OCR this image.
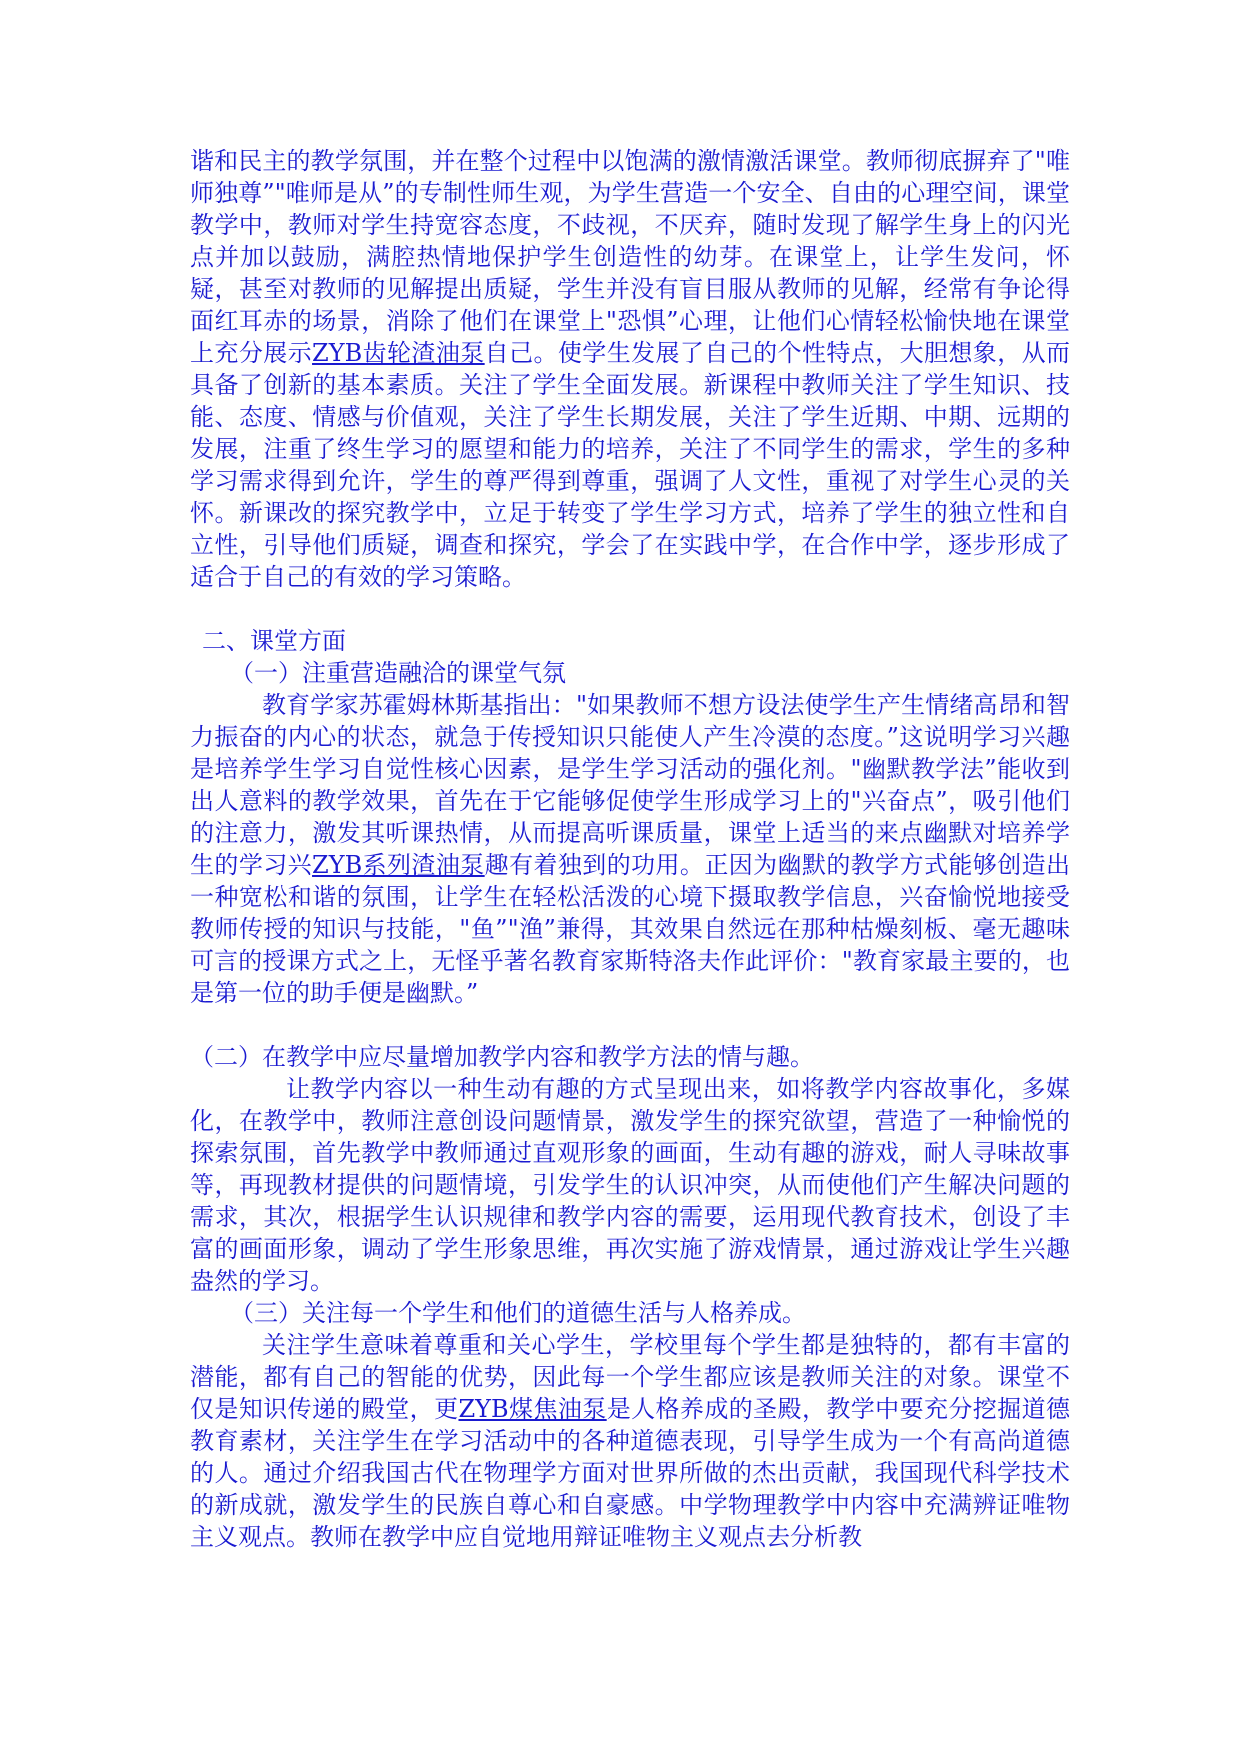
谐和民主的教学氛围，并在整个过程中以饱满的激情激活课堂。教师彻底摒弃了"唯师独尊”"唯师是从”的专制性师生观，为学生营造一个安全、自由的心理空间，课堂教学中，教师对学生持宽容态度，不歧视，不厌弃，随时发现了解学生身上的闪光点并加以鼓励，满腔热情地保护学生创造性的幼芽。在课堂上，让学生发问，怀疑，甚至对教师的见解提出质疑，学生并没有盲目服从教师的见解，经常有争论得面红耳赤的场景，消除了他们在课堂上"恐惧”心理，让他们心情轻松愉快地在课堂上充分展示ZYB齿轮渣油泵自己。使学生发展了自己的个性特点，大胆想象，从而具备了创新的基本素质。关注了学生全面发展。新课程中教师关注了学生知识、技能、态度、情感与价值观，关注了学生长期发展，关注了学生近期、中期、远期的发展，注重了终生学习的愿望和能力的培养，关注了不同学生的需求，学生的多种学习需求得到允许，学生的尊严得到尊重，强调了人文性，重视了对学生心灵的关怀。新课改的探究教学中，立足于转变了学生学习方式，培养了学生的独立性和自立性，引导他们质疑，调查和探究，学会了在实践中学，在合作中学，逐步形成了适合于自己的有效的学习策略。

二、课堂方面

（一）注重营造融洽的课堂气氛

教育学家苏霍姆林斯基指出："如果教师不想方设法使学生产生情绪高昂和智力振奋的内心的状态，就急于传授知识只能使人产生冷漠的态度。”这说明学习兴趣是培养学生学习自觉性核心因素，是学生学习活动的强化剂。"幽默教学法”能收到出人意料的教学效果，首先在于它能够促使学生形成学习上的"兴奋点”，吸引他们的注意力，激发其听课热情，从而提高听课质量，课堂上适当的来点幽默对培养学生的学习兴ZYB系列渣油泵趣有着独到的功用。正因为幽默的教学方式能够创造出一种宽松和谐的氛围，让学生在轻松活泼的心境下摄取教学信息，兴奋愉悦地接受教师传授的知识与技能，"鱼”"渔”兼得，其效果自然远在那种枯燥刻板、毫无趣味可言的授课方式之上，无怪乎著名教育家斯特洛夫作此评价："教育家最主要的，也是第一位的助手便是幽默。”

（二）在教学中应尽量增加教学内容和教学方法的情与趣。

让教学内容以一种生动有趣的方式呈现出来，如将教学内容故事化，多媒化，在教学中，教师注意创设问题情景，激发学生的探究欲望，营造了一种愉悦的探索氛围，首先教学中教师通过直观形象的画面，生动有趣的游戏，耐人寻味故事等，再现教材提供的问题情境，引发学生的认识冲突，从而使他们产生解决问题的需求，其次，根据学生认识规律和教学内容的需要，运用现代教育技术，创设了丰富的画面形象，调动了学生形象思维，再次实施了游戏情景，通过游戏让学生兴趣盎然的学习。

（三）关注每一个学生和他们的道德生活与人格养成。

关注学生意味着尊重和关心学生，学校里每个学生都是独特的，都有丰富的潜能，都有自己的智能的优势，因此每一个学生都应该是教师关注的对象。课堂不仅是知识传递的殿堂，更ZYB煤焦油泵是人格养成的圣殿，教学中要充分挖掘道德教育素材，关注学生在学习活动中的各种道德表现，引导学生成为一个有高尚道德的人。通过介绍我国古代在物理学方面对世界所做的杰出贡献，我国现代科学技术的新成就，激发学生的民族自尊心和自豪感。中学物理教学中内容中充满辨证唯物主义观点。教师在教学中应自觉地用辩证唯物主义观点去分析教
